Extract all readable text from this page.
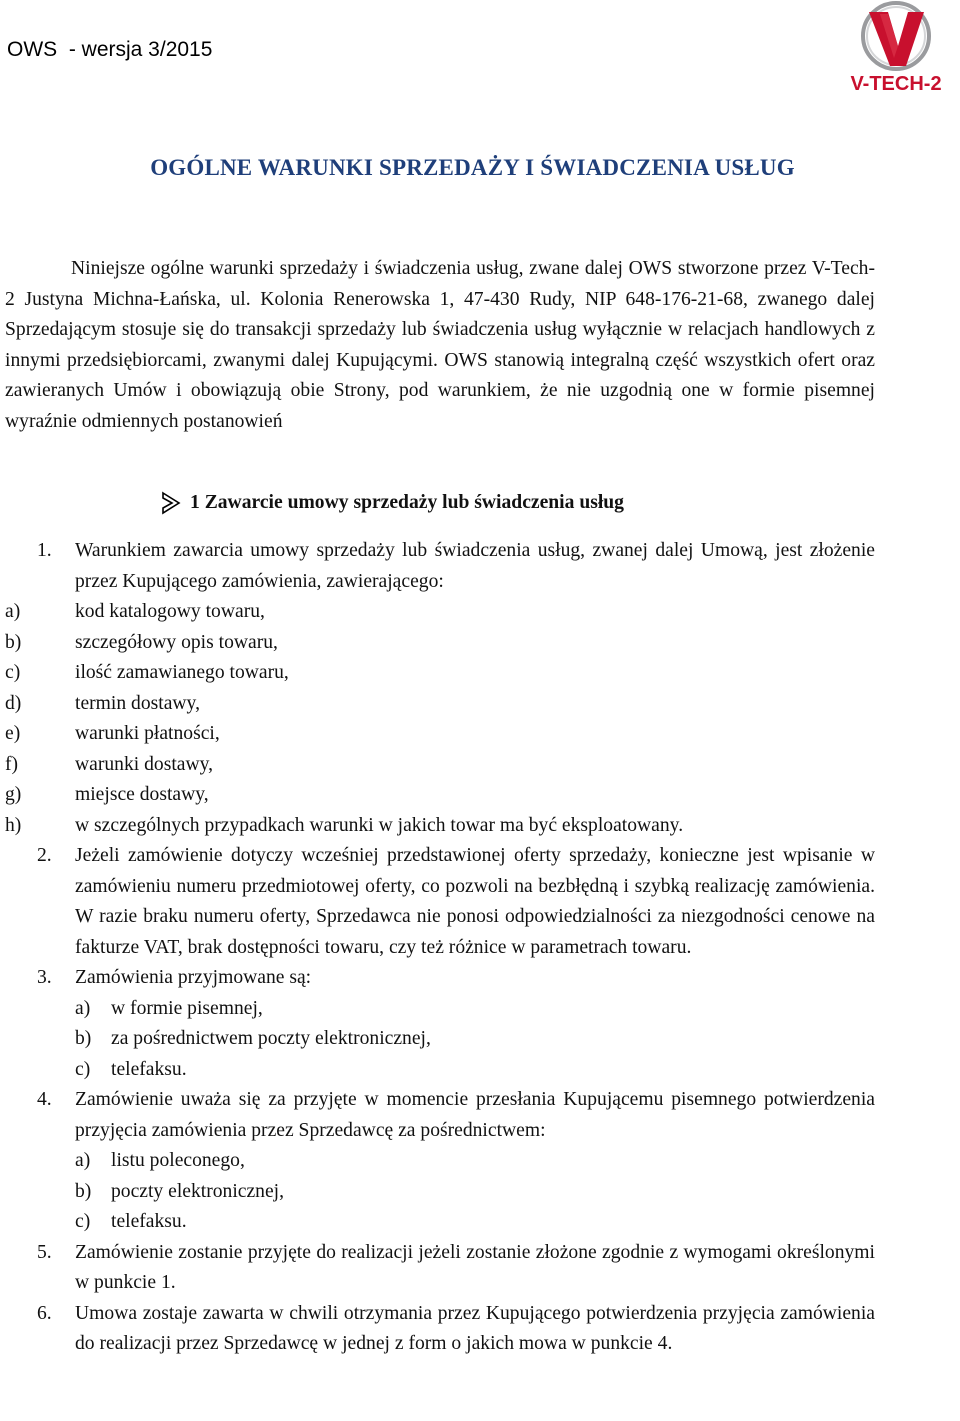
OWS  - wersja 3/2015
V-TECH-2
OGÓLNE WARUNKI SPRZEDAŻY I ŚWIADCZENIA USŁUG

Niniejsze ogólne warunki sprzedaży i świadczenia usług, zwane dalej OWS stworzone przez V-Tech-2 Justyna Michna-Łańska, ul. Kolonia Renerowska 1, 47-430 Rudy, NIP 648-176-21-68, zwanego dalej Sprzedającym stosuje się do transakcji sprzedaży lub świadczenia usług wyłącznie w relacjach handlowych z innymi przedsiębiorcami, zwanymi dalej Kupującymi. OWS stanowią integralną część wszystkich ofert oraz zawieranych Umów i obowiązują obie Strony, pod warunkiem, że nie uzgodnią one w formie pisemnej wyraźnie odmiennych postanowień

1 Zawarcie umowy sprzedaży lub świadczenia usług
1.	Warunkiem zawarcia umowy sprzedaży lub świadczenia usług, zwanej dalej Umową, jest złożenie przez Kupującego zamówienia, zawierającego:
a)	kod katalogowy towaru,
b)	szczegółowy opis towaru,
c)	ilość zamawianego towaru,
d)	termin dostawy,
e)	warunki płatności,
f)	warunki dostawy,
g)	miejsce dostawy,
h)	w szczególnych przypadkach warunki w jakich towar ma być eksploatowany.
2.	Jeżeli zamówienie dotyczy wcześniej przedstawionej oferty sprzedaży, konieczne jest wpisanie w zamówieniu numeru przedmiotowej oferty, co pozwoli na bezbłędną i szybką realizację zamówienia. W razie braku numeru oferty, Sprzedawca nie ponosi odpowiedzialności za niezgodności cenowe na fakturze VAT, brak dostępności towaru, czy też różnice w parametrach towaru.
3.	Zamówienia przyjmowane są:
a)	w formie pisemnej,
b)	za pośrednictwem poczty elektronicznej,
c)	telefaksu.
4.	Zamówienie uważa się za przyjęte w momencie przesłania Kupującemu pisemnego potwierdzenia przyjęcia zamówienia przez Sprzedawcę za pośrednictwem:
a)	listu poleconego,
b)	poczty elektronicznej,
c)	telefaksu.
5.	Zamówienie zostanie przyjęte do realizacji jeżeli zostanie złożone zgodnie z wymogami określonymi w punkcie 1.
6.	Umowa zostaje zawarta w chwili otrzymania przez Kupującego potwierdzenia przyjęcia zamówienia do realizacji przez Sprzedawcę w jednej z form o jakich mowa w punkcie 4.
